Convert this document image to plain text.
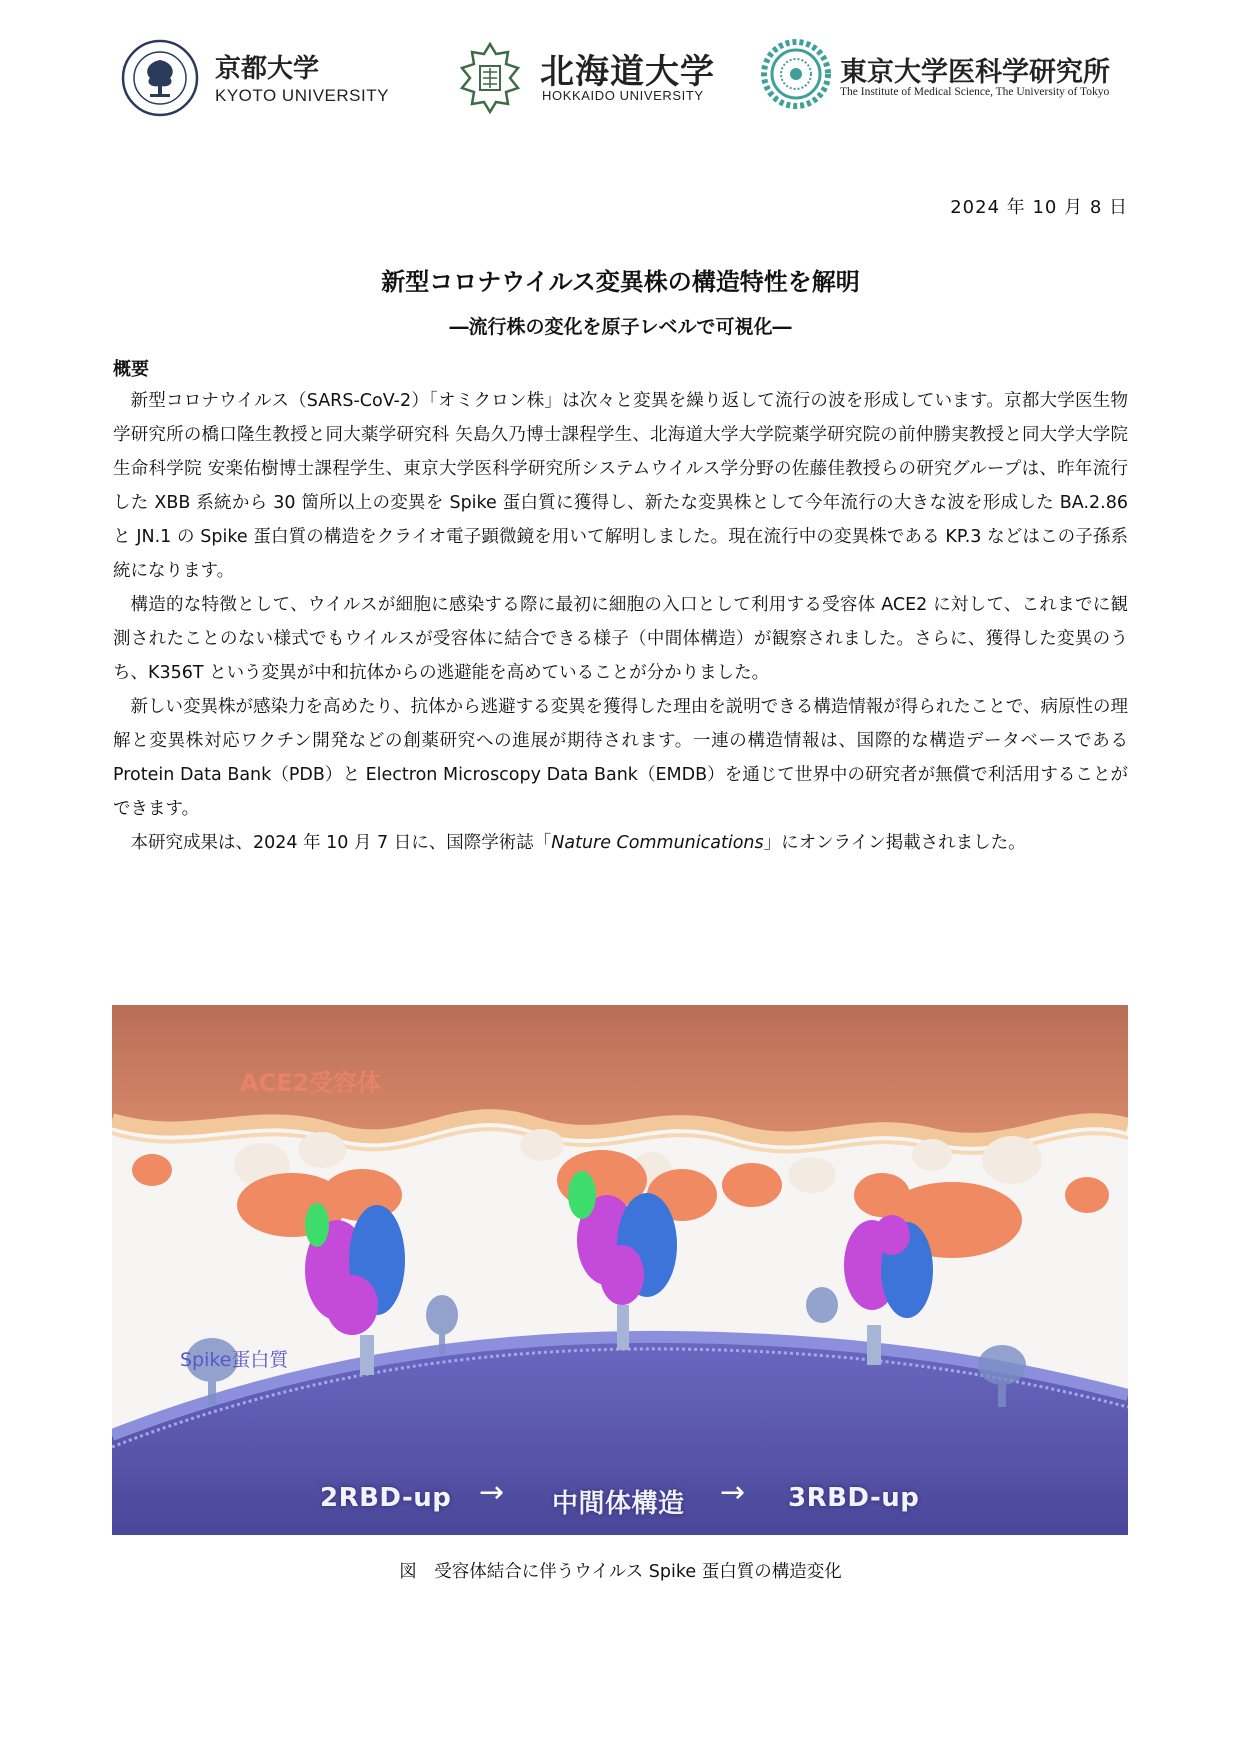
京都大学
KYOTO UNIVERSITY
北海道大学
HOKKAIDO UNIVERSITY
東京大学医科学研究所
The Institute of Medical Science, The University of Tokyo
2024 年 10 月 8 日
新型コロナウイルス変異株の構造特性を解明
―流行株の変化を原子レベルで可視化―
概要

新型コロナウイルス（SARS-CoV-2）「オミクロン株」は次々と変異を繰り返して流行の波を形成しています。京都大学医生物学研究所の橋口隆生教授と同大薬学研究科 矢島久乃博士課程学生、北海道大学大学院薬学研究院の前仲勝実教授と同大学大学院生命科学院 安楽佑樹博士課程学生、東京大学医科学研究所システムウイルス学分野の佐藤佳教授らの研究グループは、昨年流行した XBB 系統から 30 箇所以上の変異を Spike 蛋白質に獲得し、新たな変異株として今年流行の大きな波を形成した BA.2.86 と JN.1 の Spike 蛋白質の構造をクライオ電子顕微鏡を用いて解明しました。現在流行中の変異株である KP.3 などはこの子孫系統になります。

構造的な特徴として、ウイルスが細胞に感染する際に最初に細胞の入口として利用する受容体 ACE2 に対して、これまでに観測されたことのない様式でもウイルスが受容体に結合できる様子（中間体構造）が観察されました。さらに、獲得した変異のうち、K356T という変異が中和抗体からの逃避能を高めていることが分かりました。

新しい変異株が感染力を高めたり、抗体から逃避する変異を獲得した理由を説明できる構造情報が得られたことで、病原性の理解と変異株対応ワクチン開発などの創薬研究への進展が期待されます。一連の構造情報は、国際的な構造データベースである Protein Data Bank（PDB）と Electron Microscopy Data Bank（EMDB）を通じて世界中の研究者が無償で利活用することができます。

本研究成果は、2024 年 10 月 7 日に、国際学術誌「Nature Communications」にオンライン掲載されました。

ACE2受容体
Spike蛋白質
2RBD-up → 中間体構造 → 3RBD-up
図　受容体結合に伴うウイルス Spike 蛋白質の構造変化
